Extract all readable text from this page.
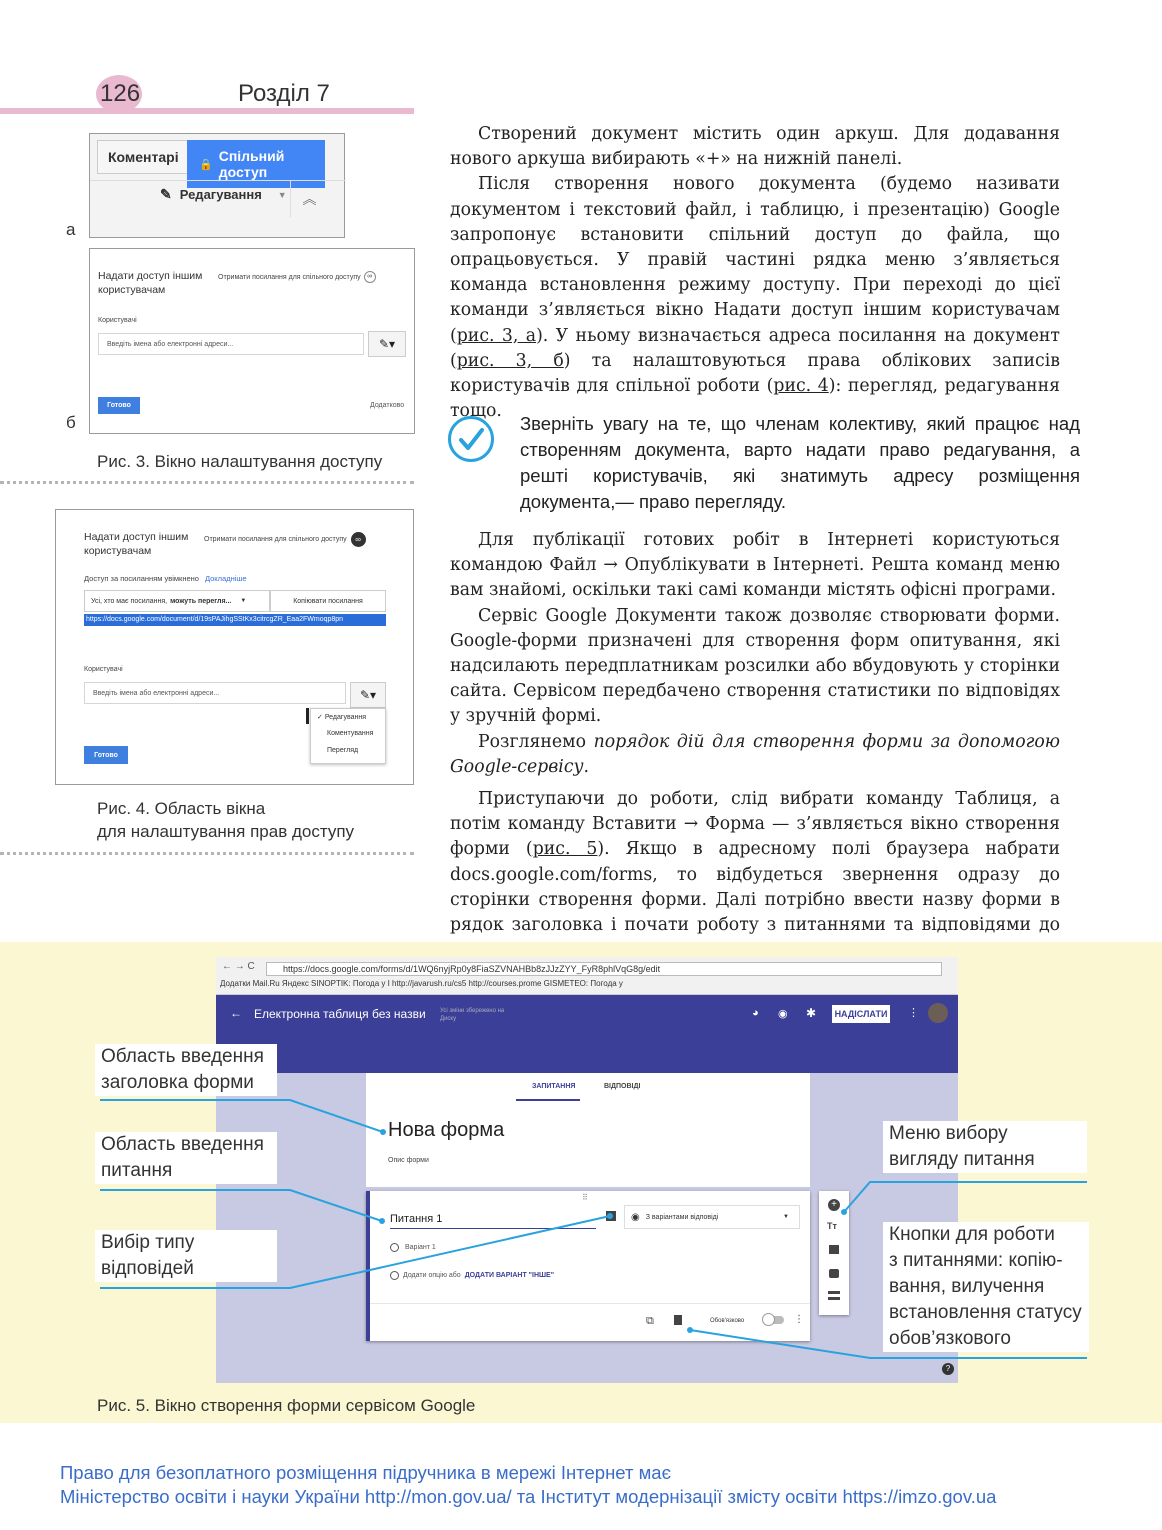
126	Розділ 7
Коментарі	🔒
Спільний доступ
✎ Редагування ▼ ︽
а
Надати доступ іншим користувачам
Отримати посилання для спільного доступу ∞
Користувачі
Введіть імена або електронні адреси...	✎▾
Готово	Додатково
б
Рис. 3. Вікно налаштування доступу
Надати доступ іншим користувачам
Отримати посилання для спільного доступу	∞
Доступ за посиланням увімкнено Докладніше
Усі, хто має посилання, можуть перегля... ▼	Копіювати посилання
https://docs.google.com/document/d/19sPAJihgSStKx3citrcgZR_Eaa2FWmoqp8pn
Користувачі
Введіть імена або електронні адреси...	✎▾
✓ Редагування
Коментування
Перегляд
Готово
Рис. 4. Область вікна
для налаштування прав доступу

Створений документ містить один аркуш. Для додавання нового аркуша вибирають «+» на нижній панелі.

Після створення нового документа (будемо називати документом і текстовий файл, і таблицю, і презентацію) Google запропонує встановити спільний доступ до файла, що опрацьовується. У правій частині рядка меню з’являється команда встановлення режиму доступу. При переході до цієї команди з’являється вікно Надати доступ іншим користувачам (рис. 3, а). У ньому визначається адреса посилання на документ (рис. 3, б) та налаштовуються права облікових записів користувачів для спільної роботи (рис. 4): перегляд, редагування тощо.

Зверніть увагу на те, що членам колективу, який працює над створенням документа, варто надати право редагування, а решті користувачів, які знатимуть адресу розміщення документа,— право перегляду.

Для публікації готових робіт в Інтернеті користуються командою Файл → Опублікувати в Інтернеті. Решта команд меню вам знайомі, оскільки такі самі команди містять офісні програми.

Сервіс Google Документи також дозволяє створювати форми. Google-форми призначені для створення форм опитування, які надсилають передплатникам розсилки або вбудовують у сторінки сайта. Сервісом передбачено створення статистики по відповідях у зручній формі.

Розглянемо порядок дій для створення форми за допомогою Google-сервісу.

Приступаючи до роботи, слід вибрати команду Таблиця, а потім команду Вставити → Форма — з’являється вікно створення форми (рис. 5). Якщо в адресному полі браузера набрати docs.google.com/forms, то відбудеться звернення одразу до сторінки створення форми. Далі потрібно ввести назву форми в рядок заголовка і почати роботу з питаннями та відповідями до

← → C	https://docs.google.com/forms/d/1WQ6nyjRp0y8FiaSZVNAHBb8zJJzZYY_FyR8phlVqG8g/edit
Додатки Mail.Ru Яндекс SINOPTIK: Погода у І http://javarush.ru/cs5 http://courses.prome GISMETEO: Погода у
← Електронна таблиця без назви Усі зміни збережено на Диску	◕ ◉ ✱ НАДІСЛАТИ ⋮
ЗАПИТАННЯ	ВІДПОВІДІ
Нова форма
Опис форми
⠿
Питання 1	◉ З варіантами відповіді	▼
Варіант 1
Додати опцію або ДОДАТИ ВАРІАНТ "ІНШЕ"
⧉	Обов'язково	⋮
+
Tт
?
Область введення
заголовка форми
Область введення
питання
Вибір типу
відповідей
Меню вибору
вигляду питання
Кнопки для роботи
з питаннями: копію-
вання, вилучення
встановлення статусу
обов’язкового
Рис. 5. Вікно створення форми сервісом Google
Право для безоплатного розміщення підручника в мережі Інтернет має
Міністерство освіти і науки України http://mon.gov.ua/ та Інститут модернізації змісту освіти https://imzo.gov.ua
